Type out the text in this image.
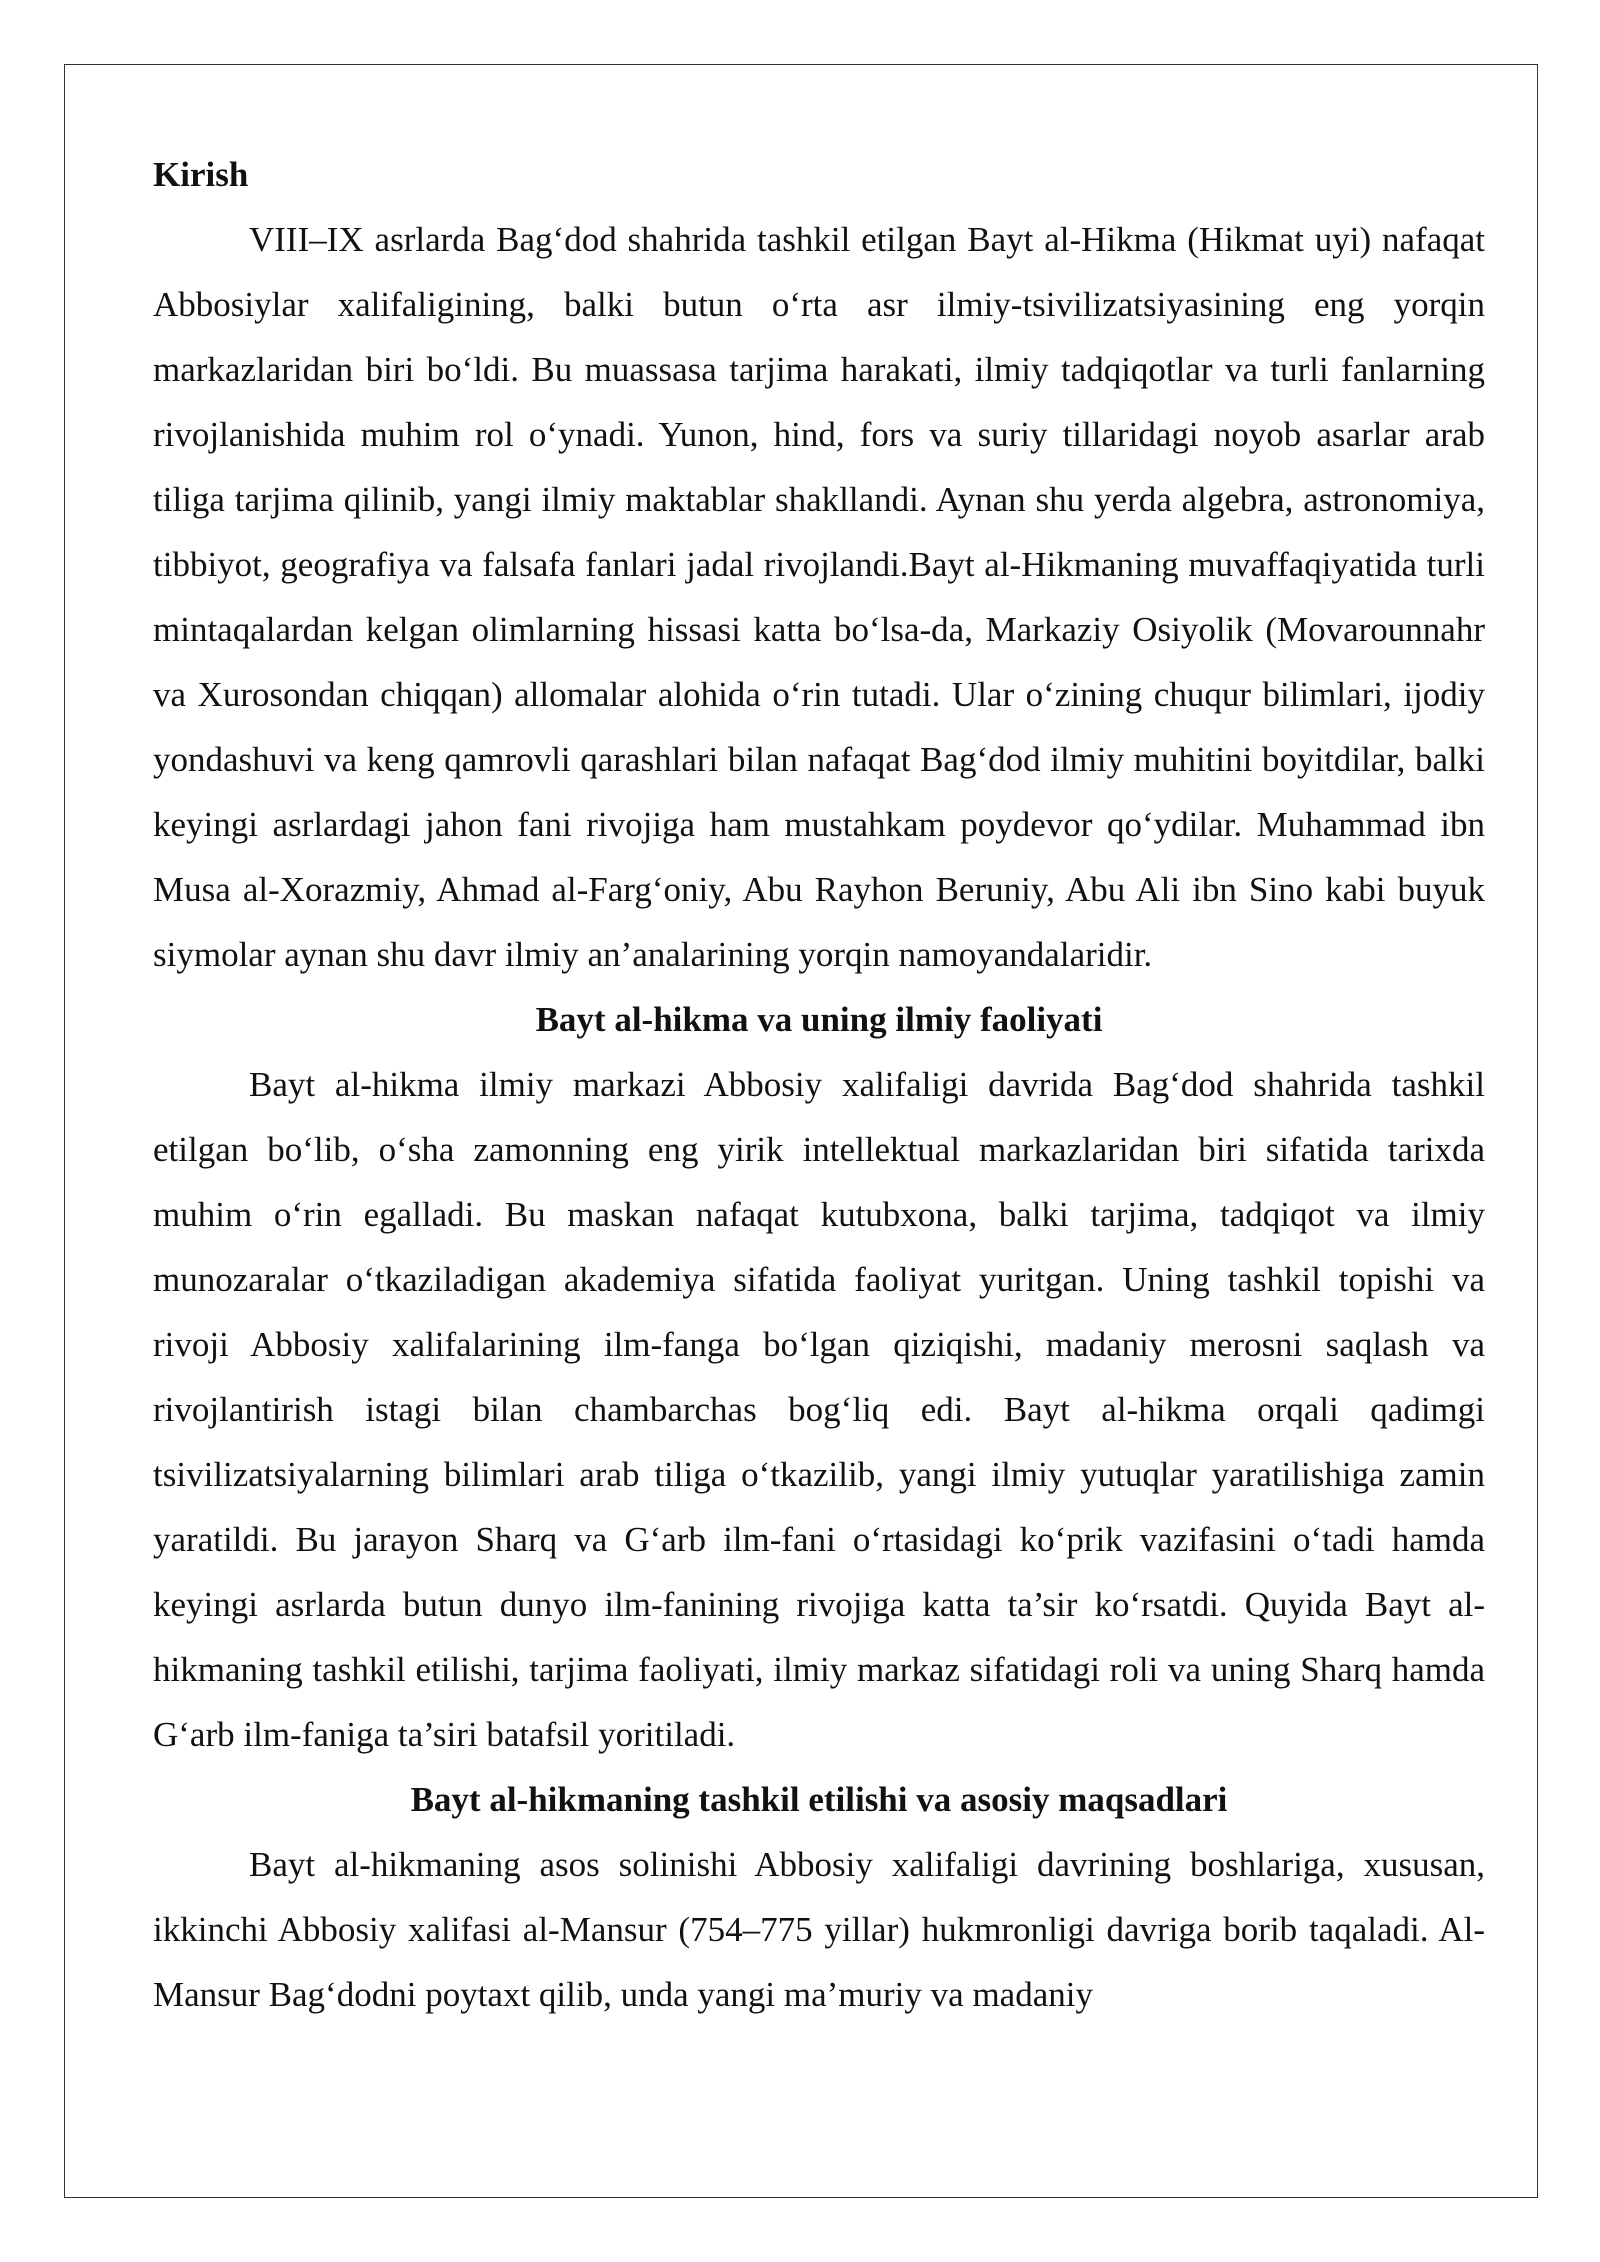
Kirish

VIII–IX asrlarda Bag‘dod shahrida tashkil etilgan Bayt al-Hikma (Hikmat uyi) nafaqat Abbosiylar xalifaligining, balki butun o‘rta asr ilmiy-tsivilizatsiyasining eng yorqin markazlaridan biri bo‘ldi. Bu muassasa tarjima harakati, ilmiy tadqiqotlar va turli fanlarning rivojlanishida muhim rol o‘ynadi. Yunon, hind, fors va suriy tillaridagi noyob asarlar arab tiliga tarjima qilinib, yangi ilmiy maktablar shakllandi. Aynan shu yerda algebra, astronomiya, tibbiyot, geografiya va falsafa fanlari jadal rivojlandi.Bayt al-Hikmaning muvaffaqiyatida turli mintaqalardan kelgan olimlarning hissasi katta bo‘lsa-da, Markaziy Osiyolik (Movarounnahr va Xurosondan chiqqan) allomalar alohida o‘rin tutadi. Ular o‘zining chuqur bilimlari, ijodiy yondashuvi va keng qamrovli qarashlari bilan nafaqat Bag‘dod ilmiy muhitini boyitdilar, balki keyingi asrlardagi jahon fani rivojiga ham mustahkam poydevor qo‘ydilar. Muhammad ibn Musa al-Xorazmiy, Ahmad al-Farg‘oniy, Abu Rayhon Beruniy, Abu Ali ibn Sino kabi buyuk siymolar aynan shu davr ilmiy an’analarining yorqin namoyandalaridir.

Bayt al-hikma va uning ilmiy faoliyati

Bayt al-hikma ilmiy markazi Abbosiy xalifaligi davrida Bag‘dod shahrida tashkil etilgan bo‘lib, o‘sha zamonning eng yirik intellektual markazlaridan biri sifatida tarixda muhim o‘rin egalladi. Bu maskan nafaqat kutubxona, balki tarjima, tadqiqot va ilmiy munozaralar o‘tkaziladigan akademiya sifatida faoliyat yuritgan. Uning tashkil topishi va rivoji Abbosiy xalifalarining ilm-fanga bo‘lgan qiziqishi, madaniy merosni saqlash va rivojlantirish istagi bilan chambarchas bog‘liq edi. Bayt al-hikma orqali qadimgi tsivilizatsiyalarning bilimlari arab tiliga o‘tkazilib, yangi ilmiy yutuqlar yaratilishiga zamin yaratildi. Bu jarayon Sharq va G‘arb ilm-fani o‘rtasidagi ko‘prik vazifasini o‘tadi hamda keyingi asrlarda butun dunyo ilm-fanining rivojiga katta ta’sir ko‘rsatdi. Quyida Bayt al-hikmaning tashkil etilishi, tarjima faoliyati, ilmiy markaz sifatidagi roli va uning Sharq hamda G‘arb ilm-faniga ta’siri batafsil yoritiladi.

Bayt al-hikmaning tashkil etilishi va asosiy maqsadlari

Bayt al-hikmaning asos solinishi Abbosiy xalifaligi davrining boshlariga, xususan, ikkinchi Abbosiy xalifasi al-Mansur (754–775 yillar) hukmronligi davriga borib taqaladi. Al-Mansur Bag‘dodni poytaxt qilib, unda yangi ma’muriy va madaniy
